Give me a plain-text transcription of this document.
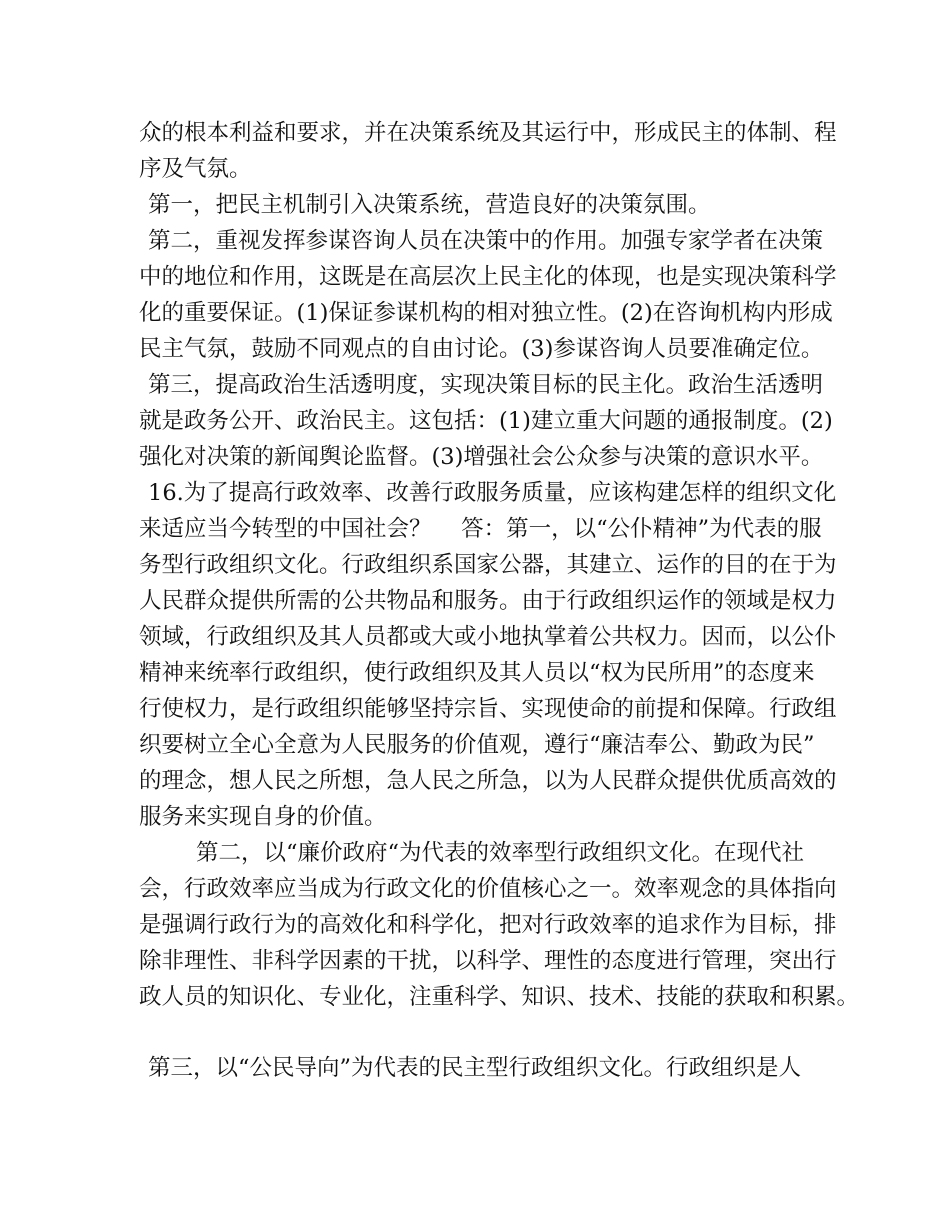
众的根本利益和要求，并在决策系统及其运行中，形成民主的体制、程
序及气氛。
第一，把民主机制引入决策系统，营造良好的决策氛围。
第二，重视发挥参谋咨询人员在决策中的作用。加强专家学者在决策
中的地位和作用，这既是在高层次上民主化的体现，也是实现决策科学
化的重要保证。(1)保证参谋机构的相对独立性。(2)在咨询机构内形成
民主气氛，鼓励不同观点的自由讨论。(3)参谋咨询人员要准确定位。
第三，提高政治生活透明度，实现决策目标的民主化。政治生活透明
就是政务公开、政治民主。这包括：(1)建立重大问题的通报制度。(2)
强化对决策的新闻舆论监督。(3)增强社会公众参与决策的意识水平。
16.为了提高行政效率、改善行政服务质量，应该构建怎样的组织文化
来适应当今转型的中国社会？　 答：第一，以“公仆精神”为代表的服
务型行政组织文化。行政组织系国家公器，其建立、运作的目的在于为
人民群众提供所需的公共物品和服务。由于行政组织运作的领域是权力
领域，行政组织及其人员都或大或小地执掌着公共权力。因而，以公仆
精神来统率行政组织，使行政组织及其人员以“权为民所用”的态度来
行使权力，是行政组织能够坚持宗旨、实现使命的前提和保障。行政组
织要树立全心全意为人民服务的价值观，遵行“廉洁奉公、勤政为民”
的理念，想人民之所想，急人民之所急，以为人民群众提供优质高效的
服务来实现自身的价值。
第二，以“廉价政府“为代表的效率型行政组织文化。在现代社
会，行政效率应当成为行政文化的价值核心之一。效率观念的具体指向
是强调行政行为的高效化和科学化，把对行政效率的追求作为目标，排
除非理性、非科学因素的干扰，以科学、理性的态度进行管理，突出行
政人员的知识化、专业化，注重科学、知识、技术、技能的获取和积累。
第三，以“公民导向”为代表的民主型行政组织文化。行政组织是人
